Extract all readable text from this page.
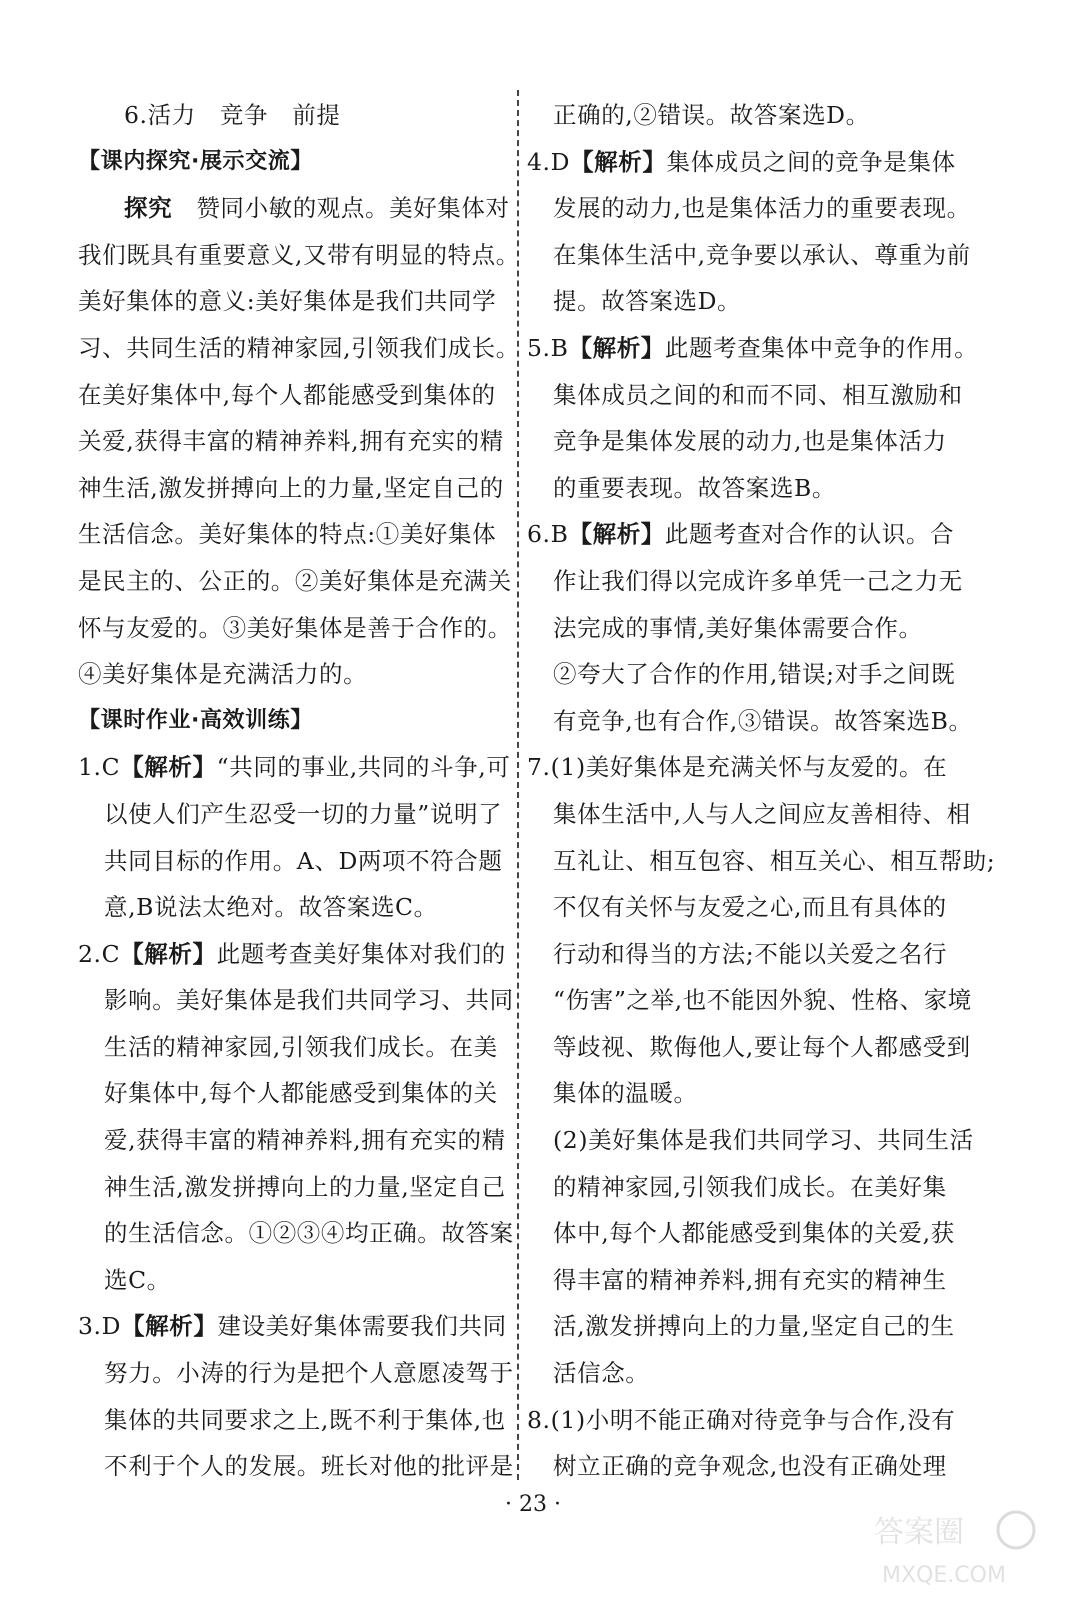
6.活力　竞争　前提
【课内探究·展示交流】
探究　 赞同小敏的观点。美好集体对
我们既具有重要意义,又带有明显的特点。
美好集体的意义:美好集体是我们共同学
习、共同生活的精神家园,引领我们成长。
在美好集体中,每个人都能感受到集体的
关爱,获得丰富的精神养料,拥有充实的精
神生活,激发拼搏向上的力量,坚定自己的
生活信念。美好集体的特点:①美好集体
是民主的、公正的。②美好集体是充满关
怀与友爱的。③美好集体是善于合作的。
④美好集体是充满活力的。
【课时作业·高效训练】
1.C【解析】“共同的事业,共同的斗争,可
以使人们产生忍受一切的力量”说明了
共同目标的作用。A、D两项不符合题
意,B说法太绝对。故答案选C。
2.C【解析】此题考查美好集体对我们的
影响。美好集体是我们共同学习、共同
生活的精神家园,引领我们成长。在美
好集体中,每个人都能感受到集体的关
爱,获得丰富的精神养料,拥有充实的精
神生活,激发拼搏向上的力量,坚定自己
的生活信念。①②③④均正确。故答案
选C。
3.D【解析】建设美好集体需要我们共同
努力。小涛的行为是把个人意愿凌驾于
集体的共同要求之上,既不利于集体,也
不利于个人的发展。班长对他的批评是
正确的,②错误。故答案选D。
4.D【解析】集体成员之间的竞争是集体
发展的动力,也是集体活力的重要表现。
在集体生活中,竞争要以承认、尊重为前
提。故答案选D。
5.B【解析】此题考查集体中竞争的作用。
集体成员之间的和而不同、相互激励和
竞争是集体发展的动力,也是集体活力
的重要表现。故答案选B。
6.B【解析】此题考查对合作的认识。合
作让我们得以完成许多单凭一己之力无
法完成的事情,美好集体需要合作。
②夸大了合作的作用,错误;对手之间既
有竞争,也有合作,③错误。故答案选B。
7.(1)美好集体是充满关怀与友爱的。在
集体生活中,人与人之间应友善相待、相
互礼让、相互包容、相互关心、相互帮助;
不仅有关怀与友爱之心,而且有具体的
行动和得当的方法;不能以关爱之名行
“伤害”之举,也不能因外貌、性格、家境
等歧视、欺侮他人,要让每个人都感受到
集体的温暖。
(2)美好集体是我们共同学习、共同生活
的精神家园,引领我们成长。在美好集
体中,每个人都能感受到集体的关爱,获
得丰富的精神养料,拥有充实的精神生
活,激发拼搏向上的力量,坚定自己的生
活信念。
8.(1)小明不能正确对待竞争与合作,没有
树立正确的竞争观念,也没有正确处理
· 23 ·
答案圈
MXQE.COM
